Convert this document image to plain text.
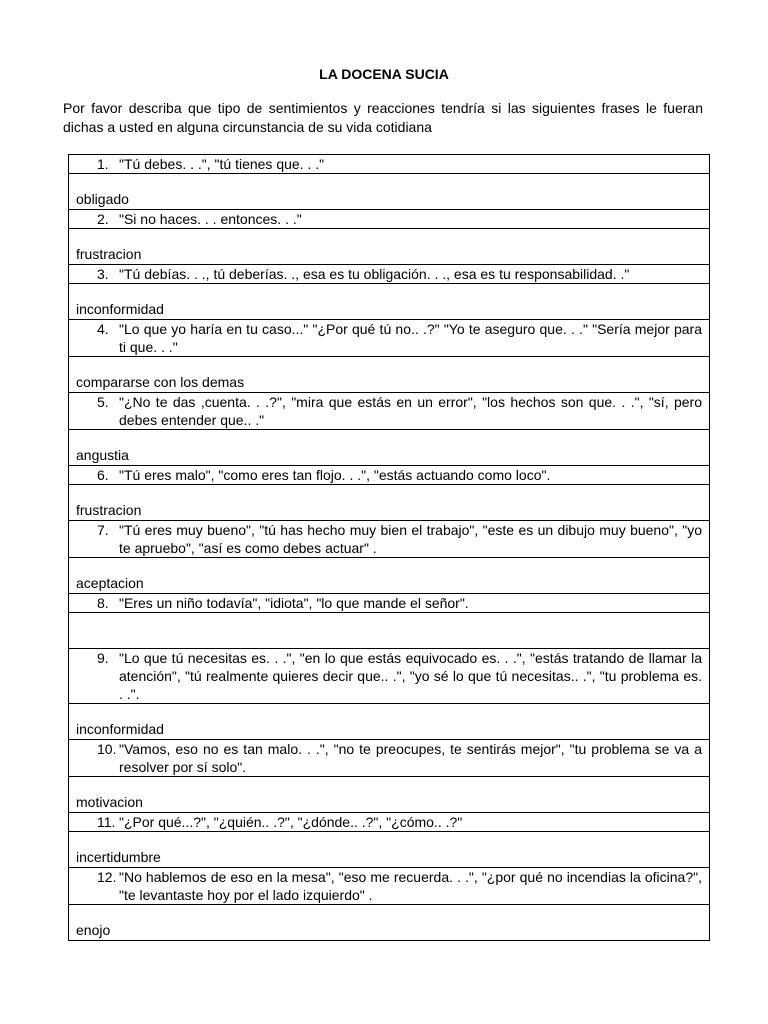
LA DOCENA SUCIA
Por favor describa que tipo de sentimientos y reacciones tendría si las siguientes frases le fueran dichas a usted en alguna circunstancia de su vida cotidiana
1. "Tú debes. . .", "tú tienes que. . ."
obligado
2. "Si no haces. . . entonces. . ."
frustracion
3. "Tú debías. . ., tú deberías. ., esa es tu obligación. . ., esa es tu responsabilidad. ."
inconformidad
4. "Lo que yo haría en tu caso..." "¿Por qué tú no.. .?" "Yo te aseguro que. . ." "Sería mejor para ti que. . ."
compararse con los demas
5. "¿No te das ,cuenta. . .?", "mira que estás en un error", "los hechos son que. . .", "sí, pero debes entender que.. ."
angustia
6. "Tú eres malo", "como eres tan flojo. . .", "estás actuando como loco".
frustracion
7. "Tú eres muy bueno", "tú has hecho muy bien el trabajo", "este es un dibujo muy bueno", "yo te apruebo", "así es como debes actuar" .
aceptacion
8. "Eres un niño todavía", "idiota", "lo que mande el señor".
9. "Lo que tú necesitas es. . .", "en lo que estás equivocado es. . .", "estás tratando de llamar la atención", "tú realmente quieres decir que.. .", "yo sé lo que tú necesitas.. .", "tu problema es. . .".
inconformidad
10. "Vamos, eso no es tan malo. . .", "no te preocupes, te sentirás mejor", "tu problema se va a resolver por sí solo".
motivacion
11. "¿Por qué...?", "¿quién.. .?", "¿dónde.. .?", "¿cómo.. .?"
incertidumbre
12. "No hablemos de eso en la mesa", "eso me recuerda. . .", "¿por qué no incendias la oficina?", "te levantaste hoy por el lado izquierdo" .
enojo
